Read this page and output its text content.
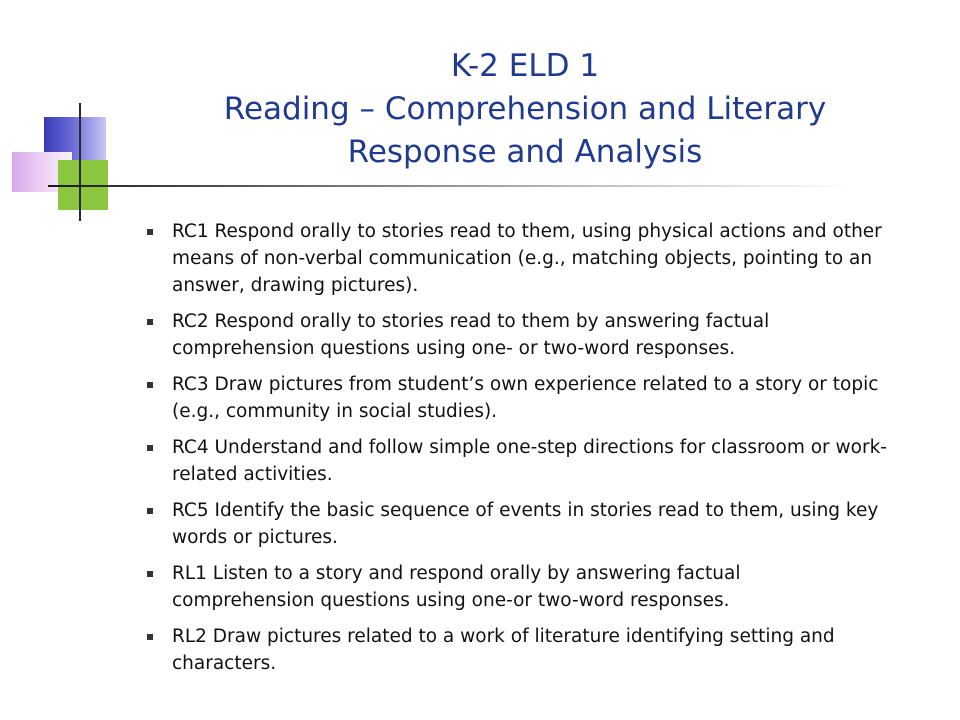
K-2 ELD 1
Reading – Comprehension and Literary
Response and Analysis
RC1 Respond orally to stories read to them, using physical actions and other means of non-verbal communication (e.g., matching objects, pointing to an answer, drawing pictures).
RC2 Respond orally to stories read to them by answering factual comprehension questions using one- or two-word responses.
RC3 Draw pictures from student’s own experience related to a story or topic (e.g., community in social studies).
RC4 Understand and follow simple one-step directions for classroom or work-related activities.
RC5 Identify the basic sequence of events in stories read to them, using key words or pictures.
RL1 Listen to a story and respond orally by answering factual comprehension questions using one-or two-word responses.
RL2 Draw pictures related to a work of literature identifying setting and characters.
